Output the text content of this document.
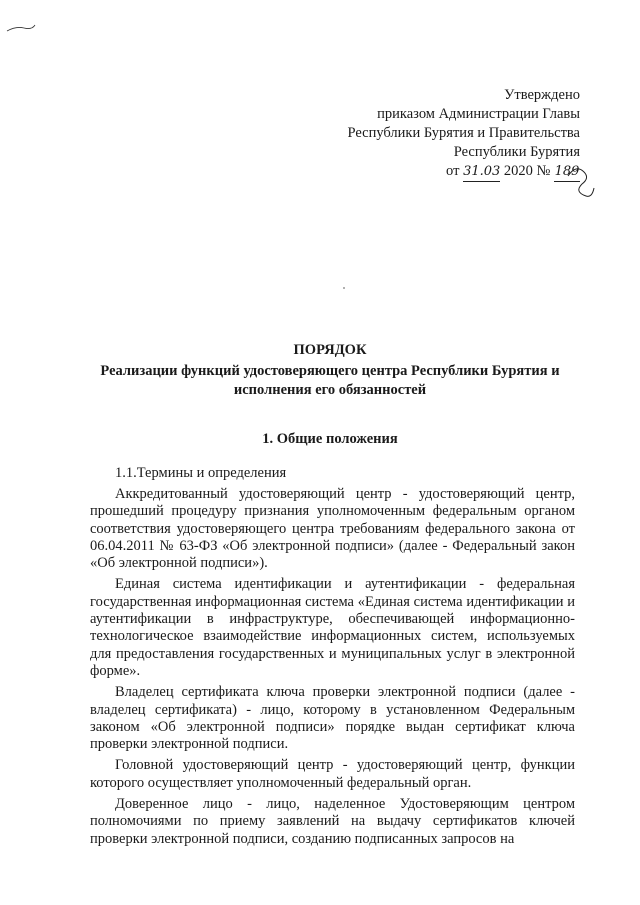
Утверждено
приказом Администрации Главы
Республики Бурятия и Правительства
Республики Бурятия
от 31.03 2020 № 189
ПОРЯДОК
Реализации функций удостоверяющего центра Республики Бурятия и исполнения его обязанностей
1. Общие положения
1.1.Термины и определения

Аккредитованный удостоверяющий центр - удостоверяющий центр, прошедший процедуру признания уполномоченным федеральным органом соответствия удостоверяющего центра требованиям федерального закона от 06.04.2011 № 63-ФЗ «Об электронной подписи» (далее - Федеральный закон «Об электронной подписи»).

Единая система идентификации и аутентификации - федеральная государственная информационная система «Единая система идентификации и аутентификации в инфраструктуре, обеспечивающей информационно-технологическое взаимодействие информационных систем, используемых для предоставления государственных и муниципальных услуг в электронной форме».

Владелец сертификата ключа проверки электронной подписи (далее - владелец сертификата) - лицо, которому в установленном Федеральным законом «Об электронной подписи» порядке выдан сертификат ключа проверки электронной подписи.

Головной удостоверяющий центр - удостоверяющий центр, функции которого осуществляет уполномоченный федеральный орган.

Доверенное лицо - лицо, наделенное Удостоверяющим центром полномочиями по приему заявлений на выдачу сертификатов ключей проверки электронной подписи, созданию подписанных запросов на
